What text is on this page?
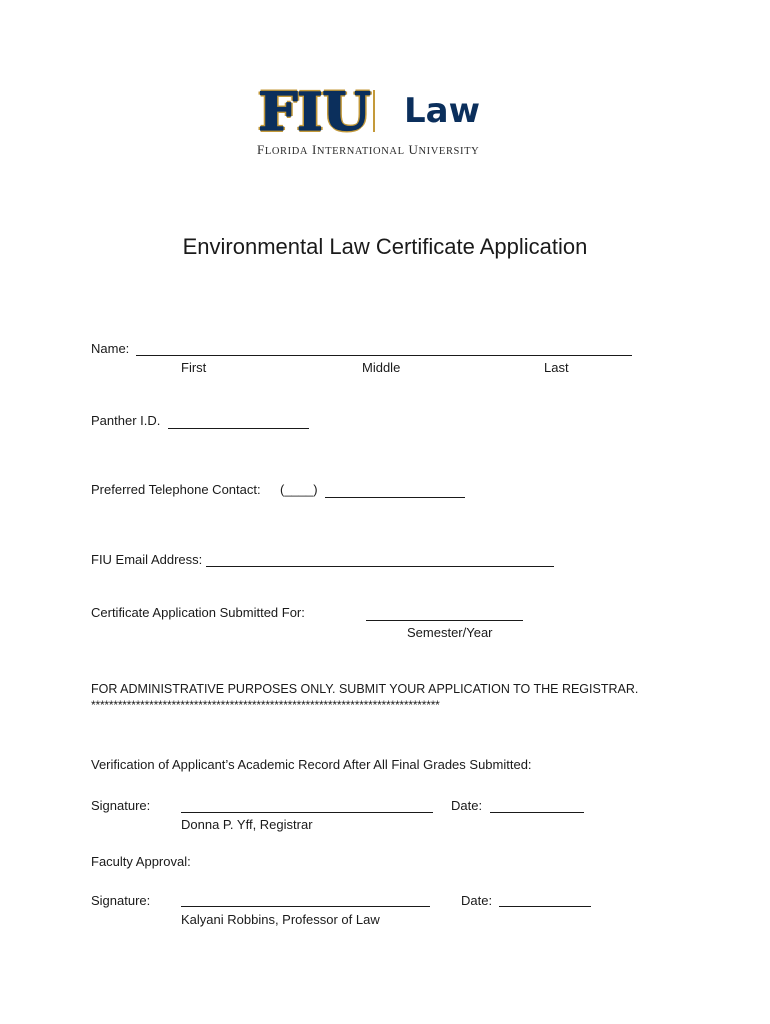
FIU Law
FLORIDA INTERNATIONAL UNIVERSITY
Environmental Law Certificate Application
Name:
First	Middle	Last
Panther I.D.
Preferred Telephone Contact: (____)
FIU Email Address:
Certificate Application Submitted For:
Semester/Year
FOR ADMINISTRATIVE PURPOSES ONLY. SUBMIT YOUR APPLICATION TO THE REGISTRAR.
******************************************************************************
Verification of Applicant’s Academic Record After All Final Grades Submitted:
Signature:
Donna P. Yff, Registrar
Date:
Faculty Approval:
Signature:
Kalyani Robbins, Professor of Law
Date:
